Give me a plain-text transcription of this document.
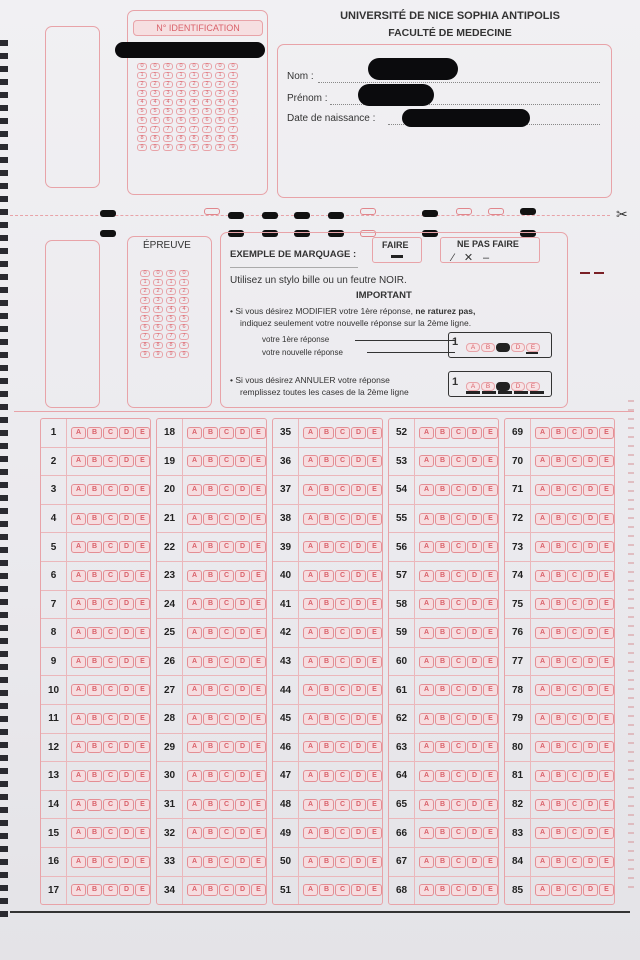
N° IDENTIFICATION
0	0	0	0	0	0	0	0
1	1	1	1	1	1	1	1
2	2	2	2	2	2	2	2
3	3	3	3	3	3	3	3
4	4	4	4	4	4	4	4
5	5	5	5	5	5	5	5
6	6	6	6	6	6	6	6
7	7	7	7	7	7	7	7
8	8	8	8	8	8	8	8
9	9	9	9	9	9	9	9
UNIVERSITÉ DE NICE SOPHIA ANTIPOLIS
FACULTÉ DE MEDECINE
Nom :
Prénom :
Date de naissance :
✂
ÉPREUVE
0	0	0	0
1	1	1	1
2	2	2	2
3	3	3	3
4	4	4	4
5	5	5	5
6	6	6	6
7	7	7	7
8	8	8	8
9	9	9	9
EXEMPLE DE MARQUAGE :
FAIRE	NE PAS FAIRE
⁄✕–
Utilisez un stylo bille ou un feutre NOIR.
IMPORTANT
• Si vous désirez MODIFIER votre 1ère réponse, ne raturez pas,
indiquez seulement votre nouvelle réponse sur la 2ème ligne.
votre 1ère réponse
votre nouvelle réponse
1	A B C D E
• Si vous désirez ANNULER votre réponse
remplissez toutes les cases de la 2ème ligne
1	A B C D E
1	A	B	C	D	E
2	A	B	C	D	E
3	A	B	C	D	E
4	A	B	C	D	E
5	A	B	C	D	E
6	A	B	C	D	E
7	A	B	C	D	E
8	A	B	C	D	E
9	A	B	C	D	E
10	A	B	C	D	E
11	A	B	C	D	E
12	A	B	C	D	E
13	A	B	C	D	E
14	A	B	C	D	E
15	A	B	C	D	E
16	A	B	C	D	E
17	A	B	C	D	E
18	A	B	C	D	E
19	A	B	C	D	E
20	A	B	C	D	E
21	A	B	C	D	E
22	A	B	C	D	E
23	A	B	C	D	E
24	A	B	C	D	E
25	A	B	C	D	E
26	A	B	C	D	E
27	A	B	C	D	E
28	A	B	C	D	E
29	A	B	C	D	E
30	A	B	C	D	E
31	A	B	C	D	E
32	A	B	C	D	E
33	A	B	C	D	E
34	A	B	C	D	E
35	A	B	C	D	E
36	A	B	C	D	E
37	A	B	C	D	E
38	A	B	C	D	E
39	A	B	C	D	E
40	A	B	C	D	E
41	A	B	C	D	E
42	A	B	C	D	E
43	A	B	C	D	E
44	A	B	C	D	E
45	A	B	C	D	E
46	A	B	C	D	E
47	A	B	C	D	E
48	A	B	C	D	E
49	A	B	C	D	E
50	A	B	C	D	E
51	A	B	C	D	E
52	A	B	C	D	E
53	A	B	C	D	E
54	A	B	C	D	E
55	A	B	C	D	E
56	A	B	C	D	E
57	A	B	C	D	E
58	A	B	C	D	E
59	A	B	C	D	E
60	A	B	C	D	E
61	A	B	C	D	E
62	A	B	C	D	E
63	A	B	C	D	E
64	A	B	C	D	E
65	A	B	C	D	E
66	A	B	C	D	E
67	A	B	C	D	E
68	A	B	C	D	E
69	A	B	C	D	E
70	A	B	C	D	E
71	A	B	C	D	E
72	A	B	C	D	E
73	A	B	C	D	E
74	A	B	C	D	E
75	A	B	C	D	E
76	A	B	C	D	E
77	A	B	C	D	E
78	A	B	C	D	E
79	A	B	C	D	E
80	A	B	C	D	E
81	A	B	C	D	E
82	A	B	C	D	E
83	A	B	C	D	E
84	A	B	C	D	E
85	A	B	C	D	E
